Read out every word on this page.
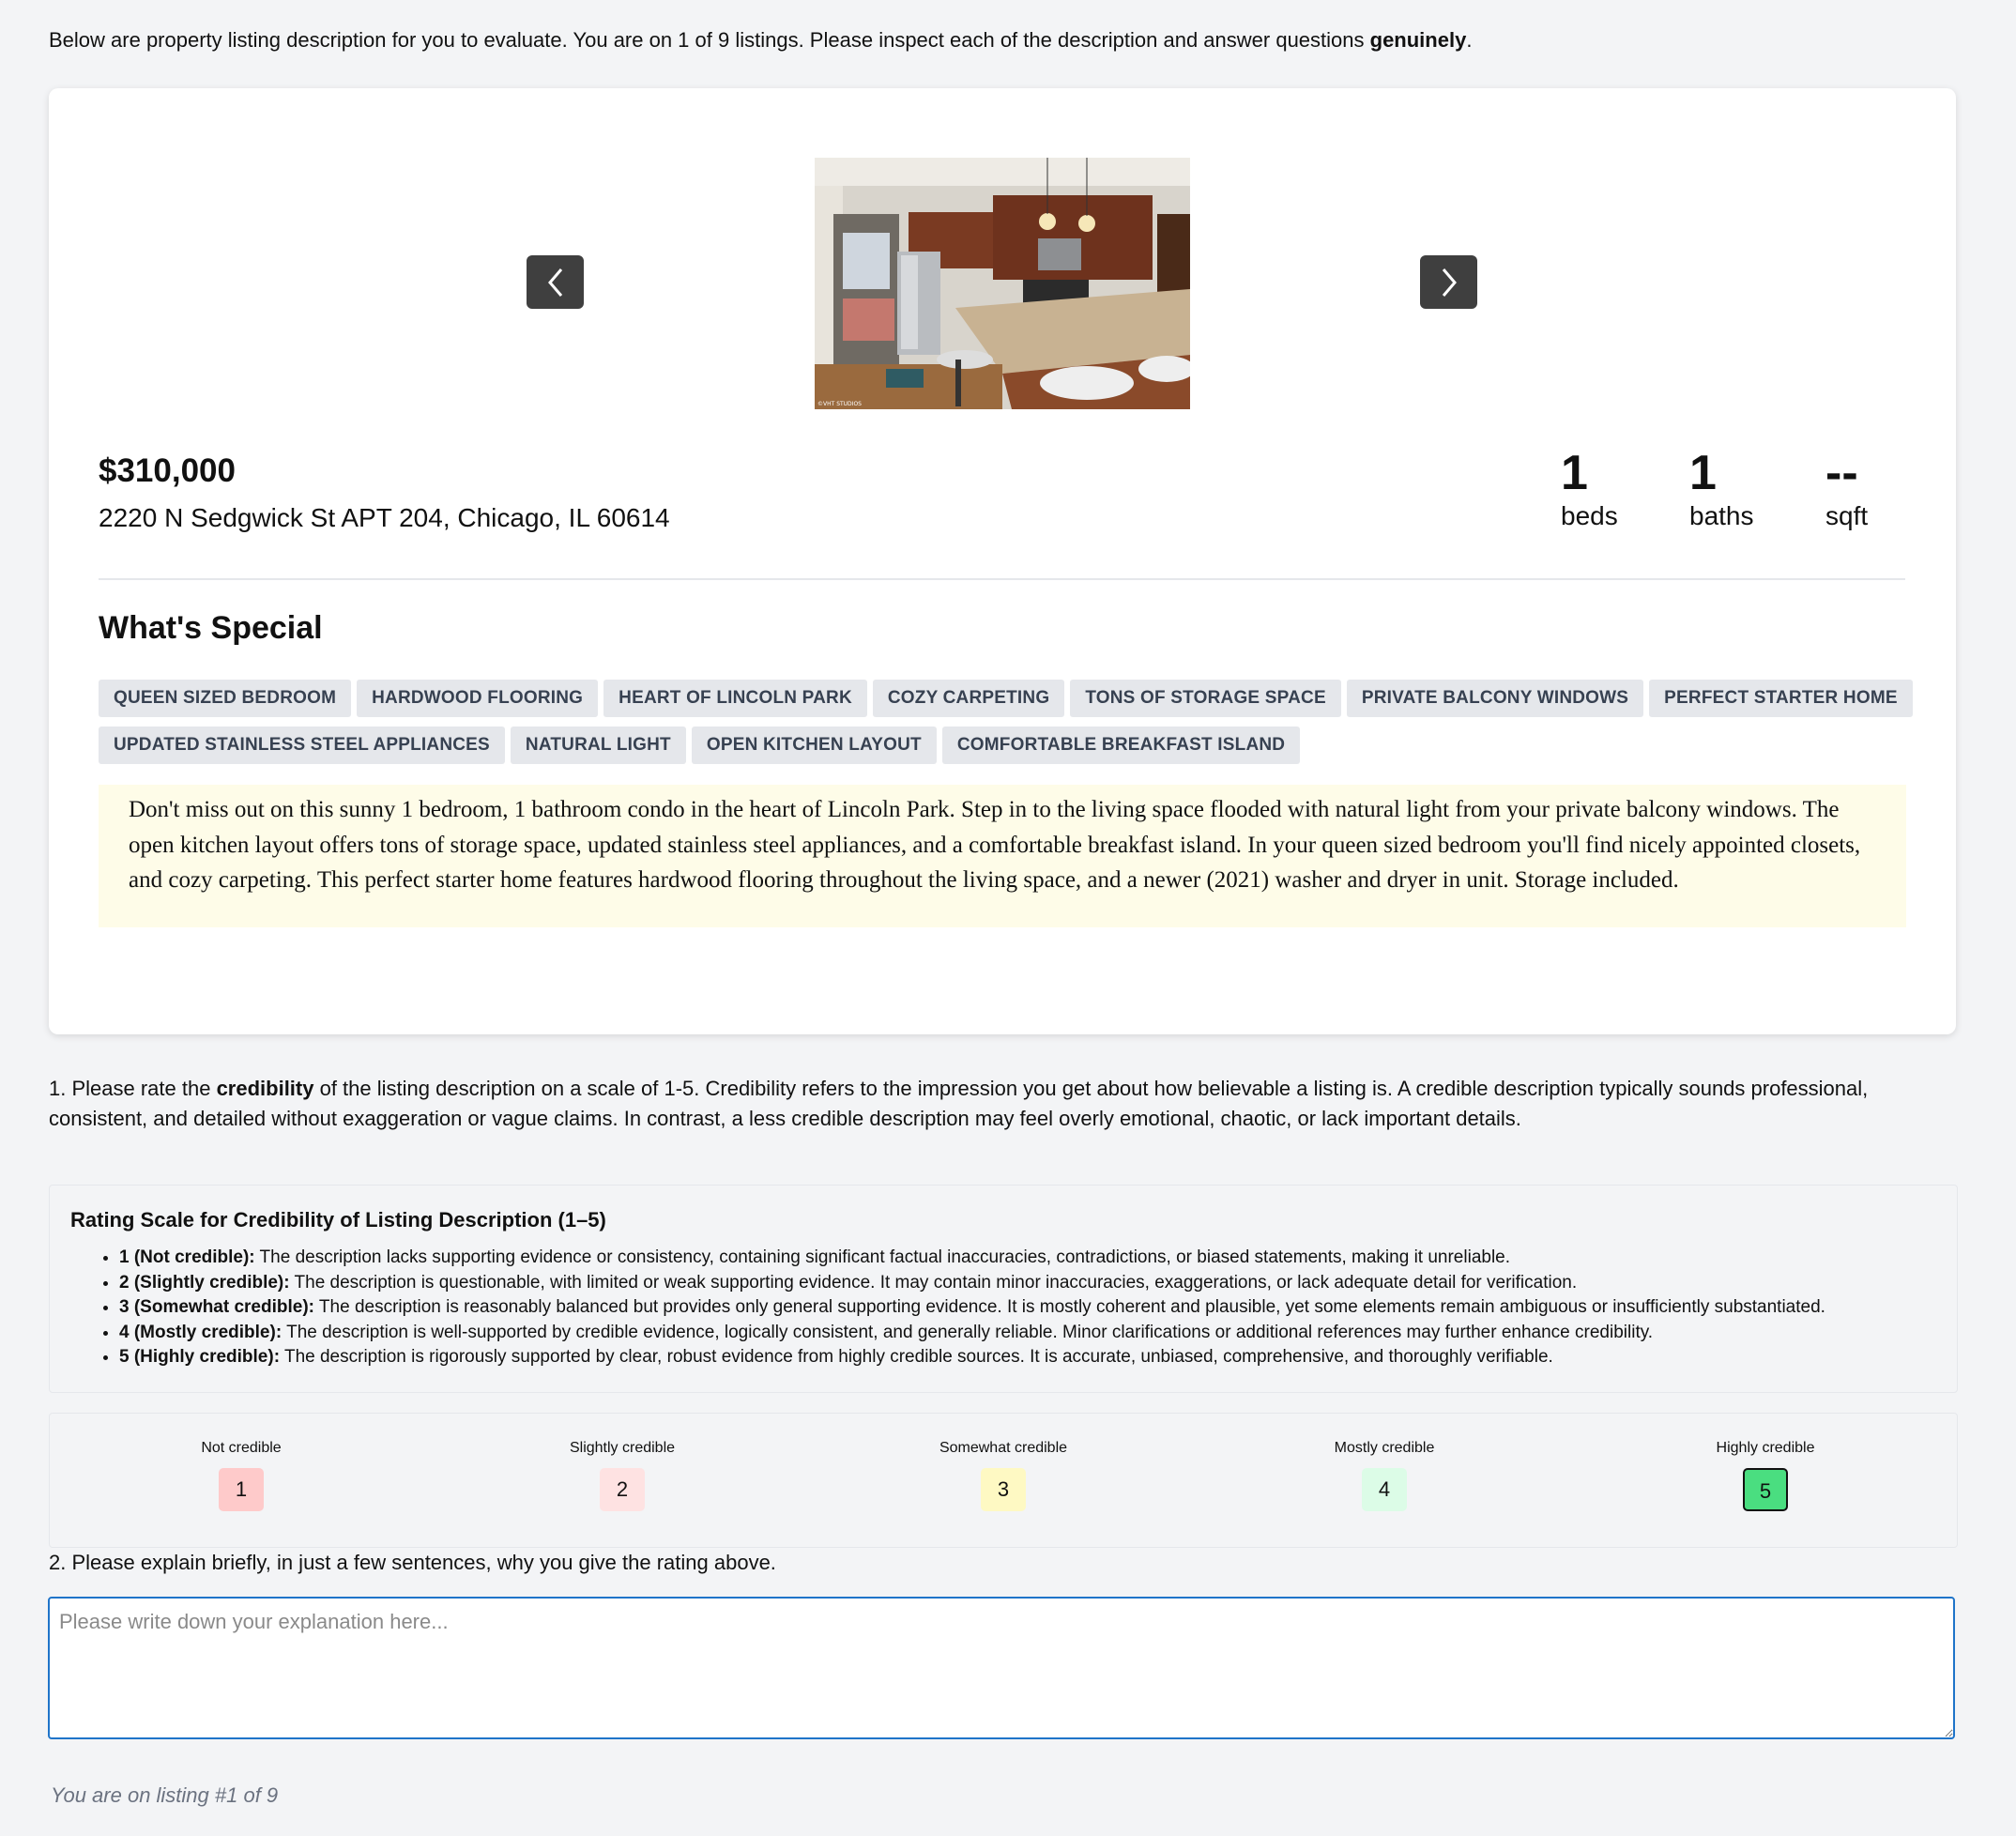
Below are property listing description for you to evaluate. You are on 1 of 9 listings. Please inspect each of the description and answer questions genuinely.
©VHT STUDIOS
$310,000
2220 N Sedgwick St APT 204, Chicago, IL 60614
1
beds
1
baths
--
sqft
What's Special
QUEEN SIZED BEDROOM HARDWOOD FLOORING HEART OF LINCOLN PARK COZY CARPETING TONS OF STORAGE SPACE PRIVATE BALCONY WINDOWS PERFECT STARTER HOME
UPDATED STAINLESS STEEL APPLIANCES NATURAL LIGHT OPEN KITCHEN LAYOUT COMFORTABLE BREAKFAST ISLAND
Don't miss out on this sunny 1 bedroom, 1 bathroom condo in the heart of Lincoln Park. Step in to the living space flooded with natural light from your private balcony windows. The open kitchen layout offers tons of storage space, updated stainless steel appliances, and a comfortable breakfast island. In your queen sized bedroom you'll find nicely appointed closets, and cozy carpeting. This perfect starter home features hardwood flooring throughout the living space, and a newer (2021) washer and dryer in unit. Storage included.
1. Please rate the credibility of the listing description on a scale of 1-5. Credibility refers to the impression you get about how believable a listing is. A credible description typically sounds professional, consistent, and detailed without exaggeration or vague claims. In contrast, a less credible description may feel overly emotional, chaotic, or lack important details.
Rating Scale for Credibility of Listing Description (1–5)
• 1 (Not credible): The description lacks supporting evidence or consistency, containing significant factual inaccuracies, contradictions, or biased statements, making it unreliable.
• 2 (Slightly credible): The description is questionable, with limited or weak supporting evidence. It may contain minor inaccuracies, exaggerations, or lack adequate detail for verification.
• 3 (Somewhat credible): The description is reasonably balanced but provides only general supporting evidence. It is mostly coherent and plausible, yet some elements remain ambiguous or insufficiently substantiated.
• 4 (Mostly credible): The description is well-supported by credible evidence, logically consistent, and generally reliable. Minor clarifications or additional references may further enhance credibility.
• 5 (Highly credible): The description is rigorously supported by clear, robust evidence from highly credible sources. It is accurate, unbiased, comprehensive, and thoroughly verifiable.
Not credible
1
Slightly credible
2
Somewhat credible
3
Mostly credible
4
Highly credible
5
2. Please explain briefly, in just a few sentences, why you give the rating above.
Please write down your explanation here...
You are on listing #1 of 9
